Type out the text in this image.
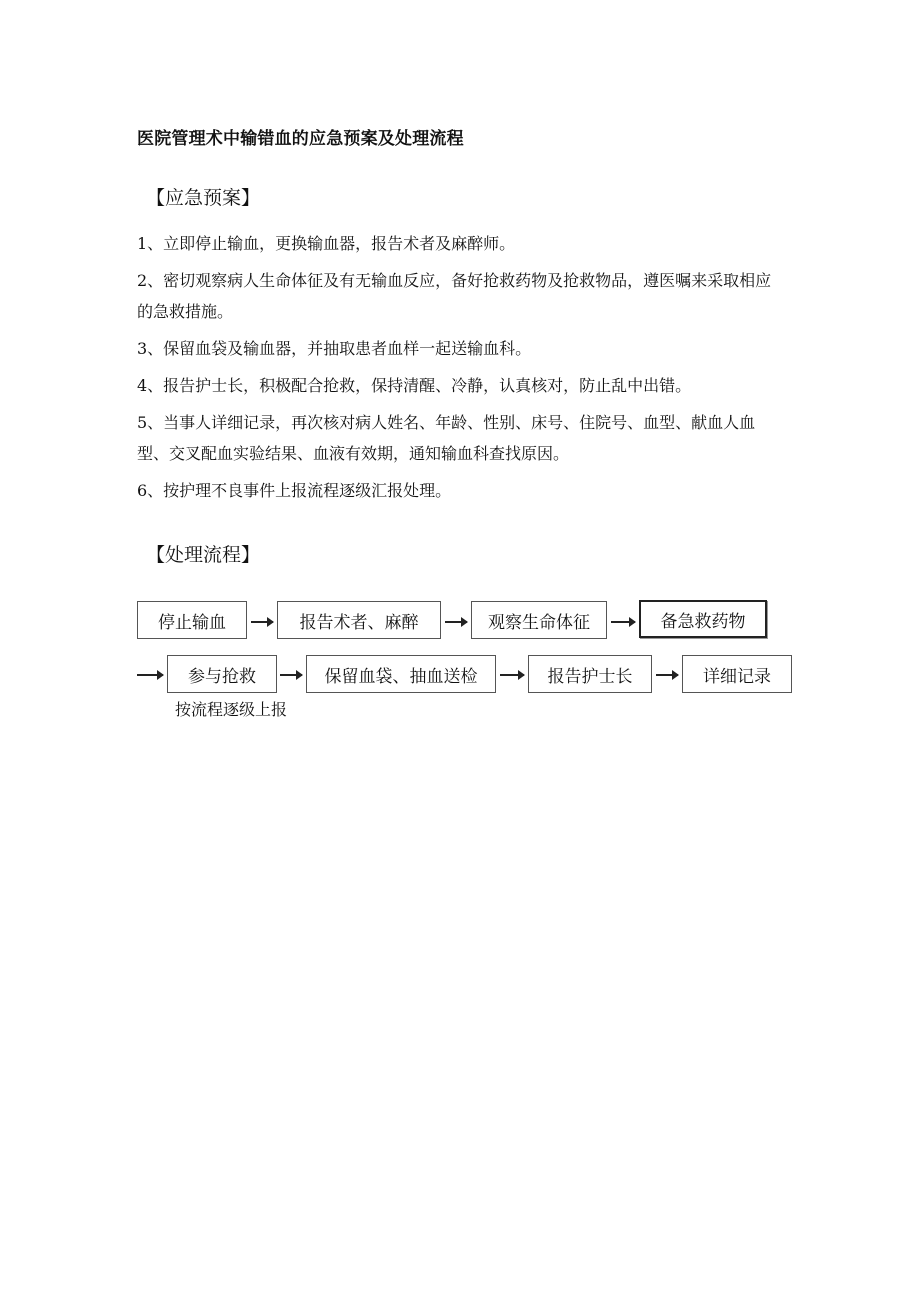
医院管理术中输错血的应急预案及处理流程
【应急预案】

1、立即停止输血，更换输血器，报告术者及麻醉师。

2、密切观察病人生命体征及有无输血反应，备好抢救药物及抢救物品，遵医嘱来采取相应的急救措施。

3、保留血袋及输血器，并抽取患者血样一起送输血科。

4、报告护士长，积极配合抢救，保持清醒、冷静，认真核对，防止乱中出错。

5、当事人详细记录，再次核对病人姓名、年龄、性别、床号、住院号、血型、献血人血型、交叉配血实验结果、血液有效期，通知输血科查找原因。

6、按护理不良事件上报流程逐级汇报处理。

【处理流程】
停止输血	报告术者、麻醉	观察生命体征	备急救药物
参与抢救	保留血袋、抽血送检	报告护士长	详细记录
按流程逐级上报
